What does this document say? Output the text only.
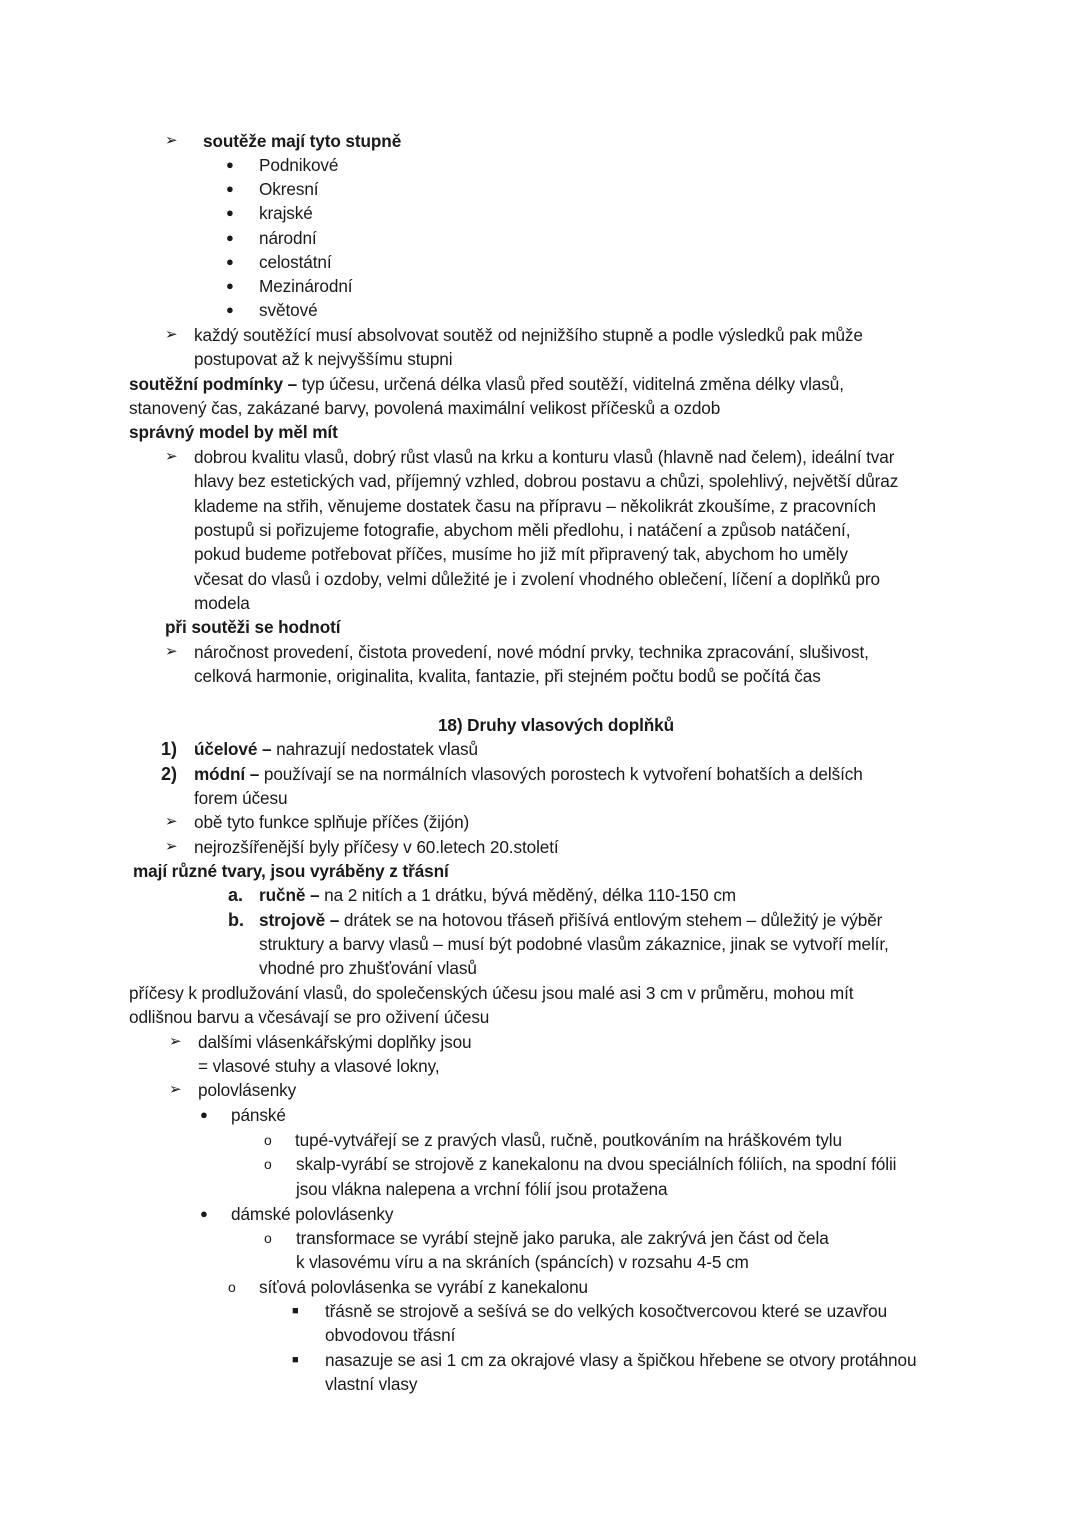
➢ soutěže mají tyto stupně
● Podnikové
● Okresní
● krajské
● národní
● celostátní
● Mezinárodní
● světové
➢ každý soutěžící musí absolvovat soutěž od nejnižšího stupně a podle výsledků pak může
postupovat až k nejvyššímu stupni
soutěžní podmínky – typ účesu, určená délka vlasů před soutěží, viditelná změna délky vlasů,
stanovený čas, zakázané barvy, povolená maximální velikost příčesků a ozdob
správný model by měl mít
➢ dobrou kvalitu vlasů, dobrý růst vlasů na krku a konturu vlasů (hlavně nad čelem), ideální tvar
hlavy bez estetických vad, příjemný vzhled, dobrou postavu a chůzi, spolehlivý, největší důraz
klademe na střih, věnujeme dostatek času na přípravu – několikrát zkoušíme, z pracovních
postupů si pořizujeme fotografie, abychom měli předlohu, i natáčení a způsob natáčení,
pokud budeme potřebovat příčes, musíme ho již mít připravený tak, abychom ho uměly
včesat do vlasů i ozdoby, velmi důležité je i zvolení vhodného oblečení, líčení a doplňků pro
modela
při soutěži se hodnotí
➢ náročnost provedení, čistota provedení, nové módní prvky, technika zpracování, slušivost,
celková harmonie, originalita, kvalita, fantazie, při stejném počtu bodů se počítá čas
18) Druhy vlasových doplňků
1) účelové – nahrazují nedostatek vlasů
2) módní – používají se na normálních vlasových porostech k vytvoření bohatších a delších
forem účesu
➢ obě tyto funkce splňuje příčes (žijón)
➢ nejrozšířenější byly příčesy v 60.letech 20.století
mají různé tvary, jsou vyráběny z třásní
a. ručně – na 2 nitích a 1 drátku, bývá měděný, délka 110-150 cm
b. strojově – drátek se na hotovou třáseň přišívá entlovým stehem – důležitý je výběr
struktury a barvy vlasů – musí být podobné vlasům zákaznice, jinak se vytvoří melír,
vhodné pro zhušťování vlasů
příčesy k prodlužování vlasů, do společenských účesu jsou malé asi 3 cm v průměru, mohou mít
odlišnou barvu a včesávají se pro oživení účesu
➢ dalšími vlásenkářskými doplňky jsou
= vlasové stuhy a vlasové lokny,
➢ polovlásenky
● pánské
o tupé-vytvářejí se z pravých vlasů, ručně, poutkováním na hráškovém tylu
o skalp-vyrábí se strojově z kanekalonu na dvou speciálních fóliích, na spodní fólii
jsou vlákna nalepena a vrchní fólií jsou protažena
● dámské polovlásenky
o transformace se vyrábí stejně jako paruka, ale zakrývá jen část od čela
k vlasovému víru a na skráních (spáncích) v rozsahu 4-5 cm
o síťová polovlásenka se vyrábí z kanekalonu
■ třásně se strojově a sešívá se do velkých kosočtvercovou které se uzavřou
obvodovou třásní
■ nasazuje se asi 1 cm za okrajové vlasy a špičkou hřebene se otvory protáhnou
vlastní vlasy
